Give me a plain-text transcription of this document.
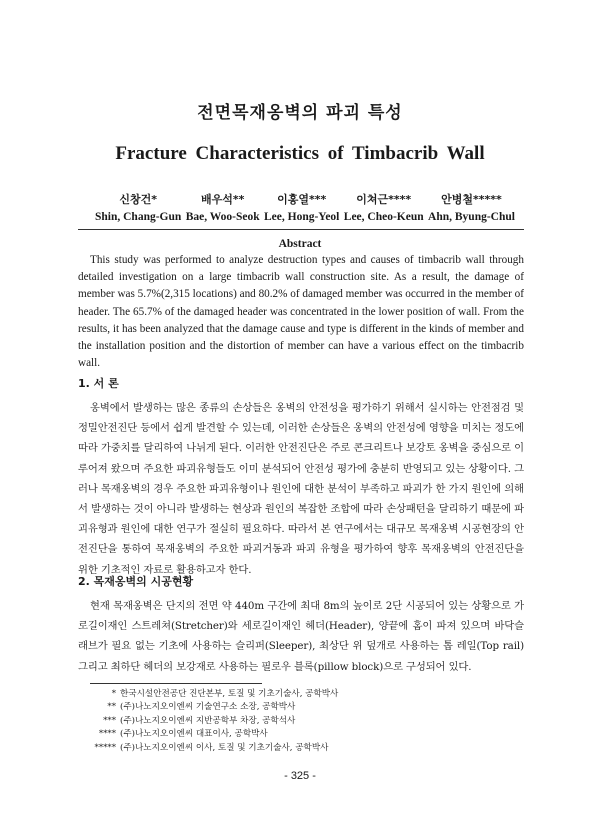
전면목재옹벽의 파괴 특성
Fracture Characteristics of Timbacrib Wall
신창건*
Shin, Chang-Gun
배우석**
Bae, Woo-Seok
이홍열***
Lee, Hong-Yeol
이쳐근****
Lee, Cheo-Keun
안병철*****
Ahn, Byung-Chul
Abstract
This study was performed to analyze destruction types and causes of timbacrib wall through detailed investigation on a large timbacrib wall construction site. As a result, the damage of member was 5.7%(2,315 locations) and 80.2% of damaged member was occurred in the member of header. The 65.7% of the damaged header was concentrated in the lower position of wall. From the results, it has been analyzed that the damage cause and type is different in the kinds of member and the installation position and the distortion of member can have a various effect on the timbacrib wall.
1. 서 론
옹벽에서 발생하는 많은 종류의 손상들은 옹벽의 안전성을 평가하기 위해서 실시하는 안전점검 및 정밀안전진단 등에서 쉽게 발견할 수 있는데, 이러한 손상들은 옹벽의 안전성에 영향을 미치는 정도에 따라 가중치를 달리하여 나뉘게 된다. 이러한 안전진단은 주로 콘크리트나 보강토 옹벽을 중심으로 이루어져 왔으며 주요한 파괴유형들도 이미 분석되어 안전성 평가에 충분히 반영되고 있는 상황이다. 그러나 목재옹벽의 경우 주요한 파괴유형이나 원인에 대한 분석이 부족하고 파괴가 한 가지 원인에 의해서 발생하는 것이 아니라 발생하는 현상과 원인의 복잡한 조합에 따라 손상패턴을 달리하기 때문에 파괴유형과 원인에 대한 연구가 절실히 필요하다. 따라서 본 연구에서는 대규모 목재옹벽 시공현장의 안전진단을 통하여 목재옹벽의 주요한 파괴거동과 파괴 유형을 평가하여 향후 목재옹벽의 안전진단을 위한 기초적인 자료로 활용하고자 한다.
2. 목재옹벽의 시공현황
현재 목재옹벽은 단지의 전면 약 440m 구간에 최대 8m의 높이로 2단 시공되어 있는 상황으로 가로길이재인 스트레쳐(Stretcher)와 세로길이재인 헤더(Header), 양끝에 홈이 파져 있으며 바닥슬래브가 필요 없는 기초에 사용하는 슬리퍼(Sleeper), 최상단 위 덮개로 사용하는 톱 레일(Top rail) 그리고 최하단 헤더의 보강재로 사용하는 필로우 블록(pillow block)으로 구성되어 있다.
* 한국시설안전공단 진단본부, 토질 및 기초기술사, 공학박사
** (주)나노지오이엔씨 기술연구소 소장, 공학박사
*** (주)나노지오이엔씨 지반공학부 차장, 공학석사
**** (주)나노지오이엔씨 대표이사, 공학박사
***** (주)나노지오이엔씨 이사, 토질 및 기초기술사, 공학박사
- 325 -
